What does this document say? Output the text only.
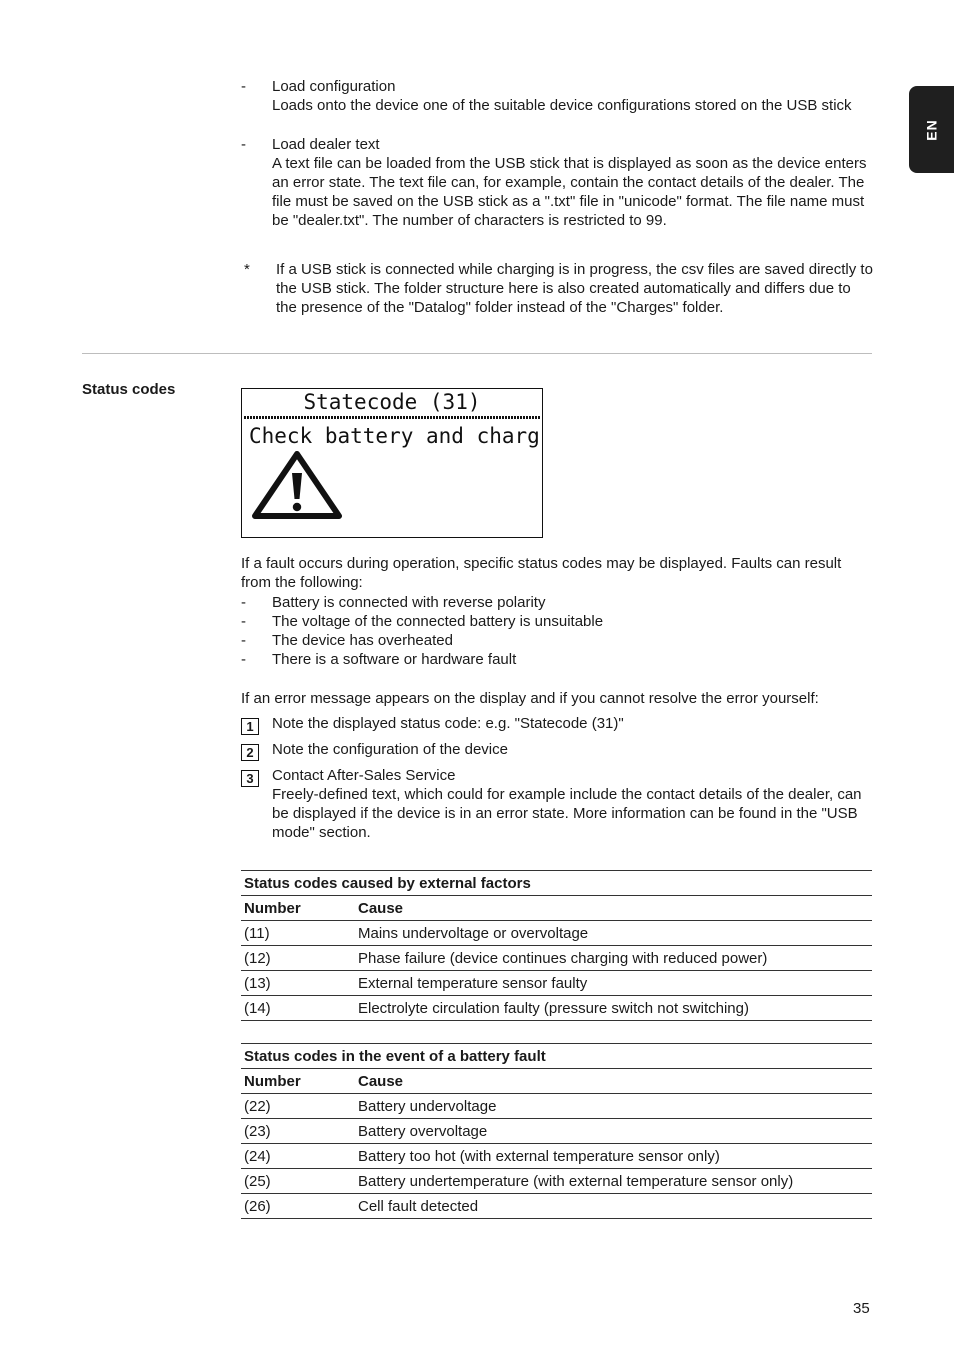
EN
- Load configuration
Loads onto the device one of the suitable device configurations stored on the USB stick
- Load dealer text
A text file can be loaded from the USB stick that is displayed as soon as the device enters an error state. The text file can, for example, contain the contact details of the dealer. The file must be saved on the USB stick as a ".txt" file in "unicode" format. The file name must be "dealer.txt". The number of characters is restricted to 99.
* If a USB stick is connected while charging is in progress, the csv files are saved directly to the USB stick. The folder structure here is also created automatically and differs due to the presence of the "Datalog" folder instead of the "Charges" folder.
Status codes
Statecode (31)
Check battery and charg
If a fault occurs during operation, specific status codes may be displayed. Faults can result from the following:
- Battery is connected with reverse polarity
- The voltage of the connected battery is unsuitable
- The device has overheated
- There is a software or hardware fault
If an error message appears on the display and if you cannot resolve the error yourself:
1	Note the displayed status code: e.g. "Statecode (31)"
2	Note the configuration of the device
3	Contact After-Sales Service
Freely-defined text, which could for example include the contact details of the dealer, can be displayed if the device is in an error state. More information can be found in the "USB mode" section.
Status codes caused by external factors	
Number	Cause
(11)	Mains undervoltage or overvoltage
(12)	Phase failure (device continues charging with reduced power)
(13)	External temperature sensor faulty
(14)	Electrolyte circulation faulty (pressure switch not switching)
Status codes in the event of a battery fault	
Number	Cause
(22)	Battery undervoltage
(23)	Battery overvoltage
(24)	Battery too hot (with external temperature sensor only)
(25)	Battery undertemperature (with external temperature sensor only)
(26)	Cell fault detected
35
